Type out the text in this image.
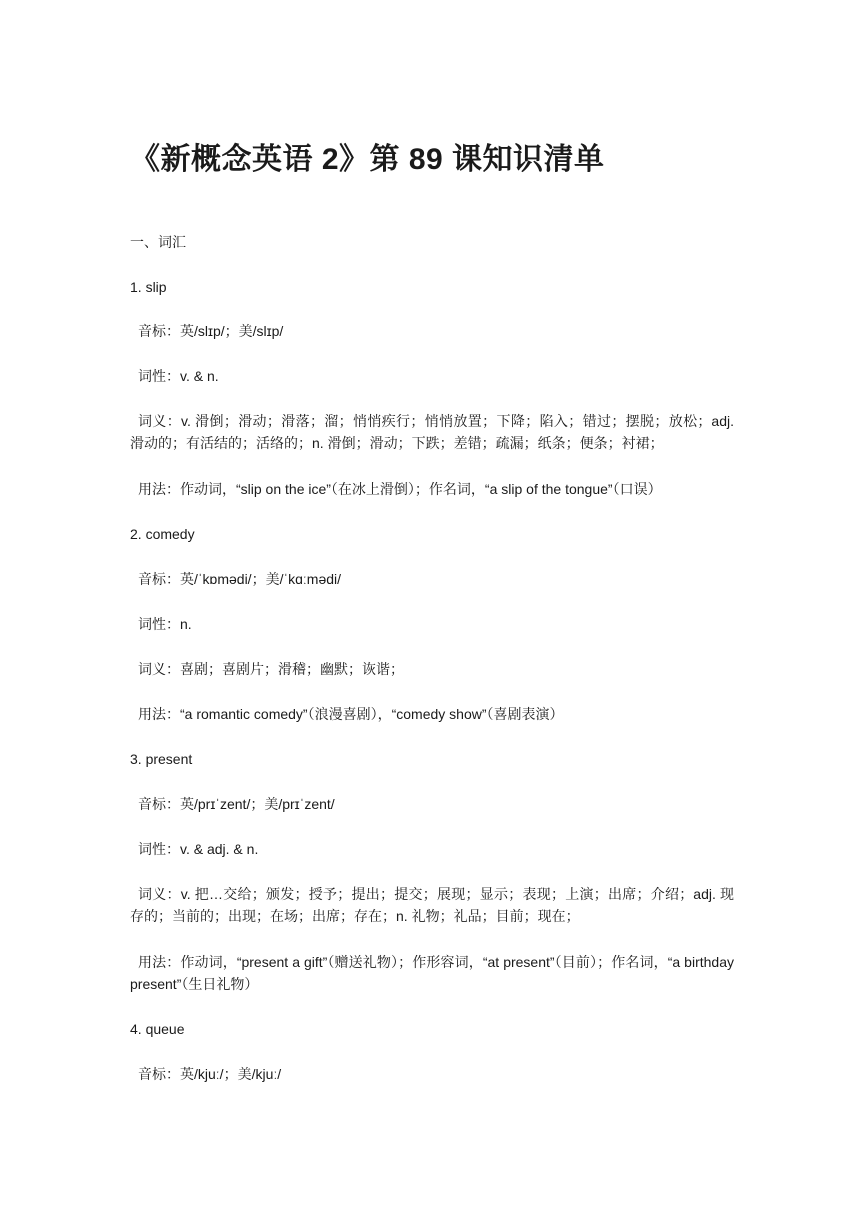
《新概念英语 2》第 89 课知识清单
一、词汇
1. slip
音标：英/slɪp/；美/slɪp/
词性：v. & n.
词义：v. 滑倒；滑动；滑落；溜；悄悄疾行；悄悄放置；下降；陷入；错过；摆脱；放松；adj. 滑动的；有活结的；活络的；n. 滑倒；滑动；下跌；差错；疏漏；纸条；便条；衬裙；
用法：作动词，“slip on the ice”（在冰上滑倒）；作名词，“a slip of the tongue”（口误）
2. comedy
音标：英/ˈkɒmədi/；美/ˈkɑːmədi/
词性：n.
词义：喜剧；喜剧片；滑稽；幽默；诙谐；
用法：“a romantic comedy”（浪漫喜剧），“comedy show”（喜剧表演）
3. present
音标：英/prɪˈzent/；美/prɪˈzent/
词性：v. & adj. & n.
词义：v. 把…交给；颁发；授予；提出；提交；展现；显示；表现；上演；出席；介绍；adj. 现存的；当前的；出现；在场；出席；存在；n. 礼物；礼品；目前；现在；
用法：作动词，“present a gift”（赠送礼物）；作形容词，“at present”（目前）；作名词，“a birthday present”（生日礼物）
4. queue
音标：英/kjuː/；美/kjuː/
